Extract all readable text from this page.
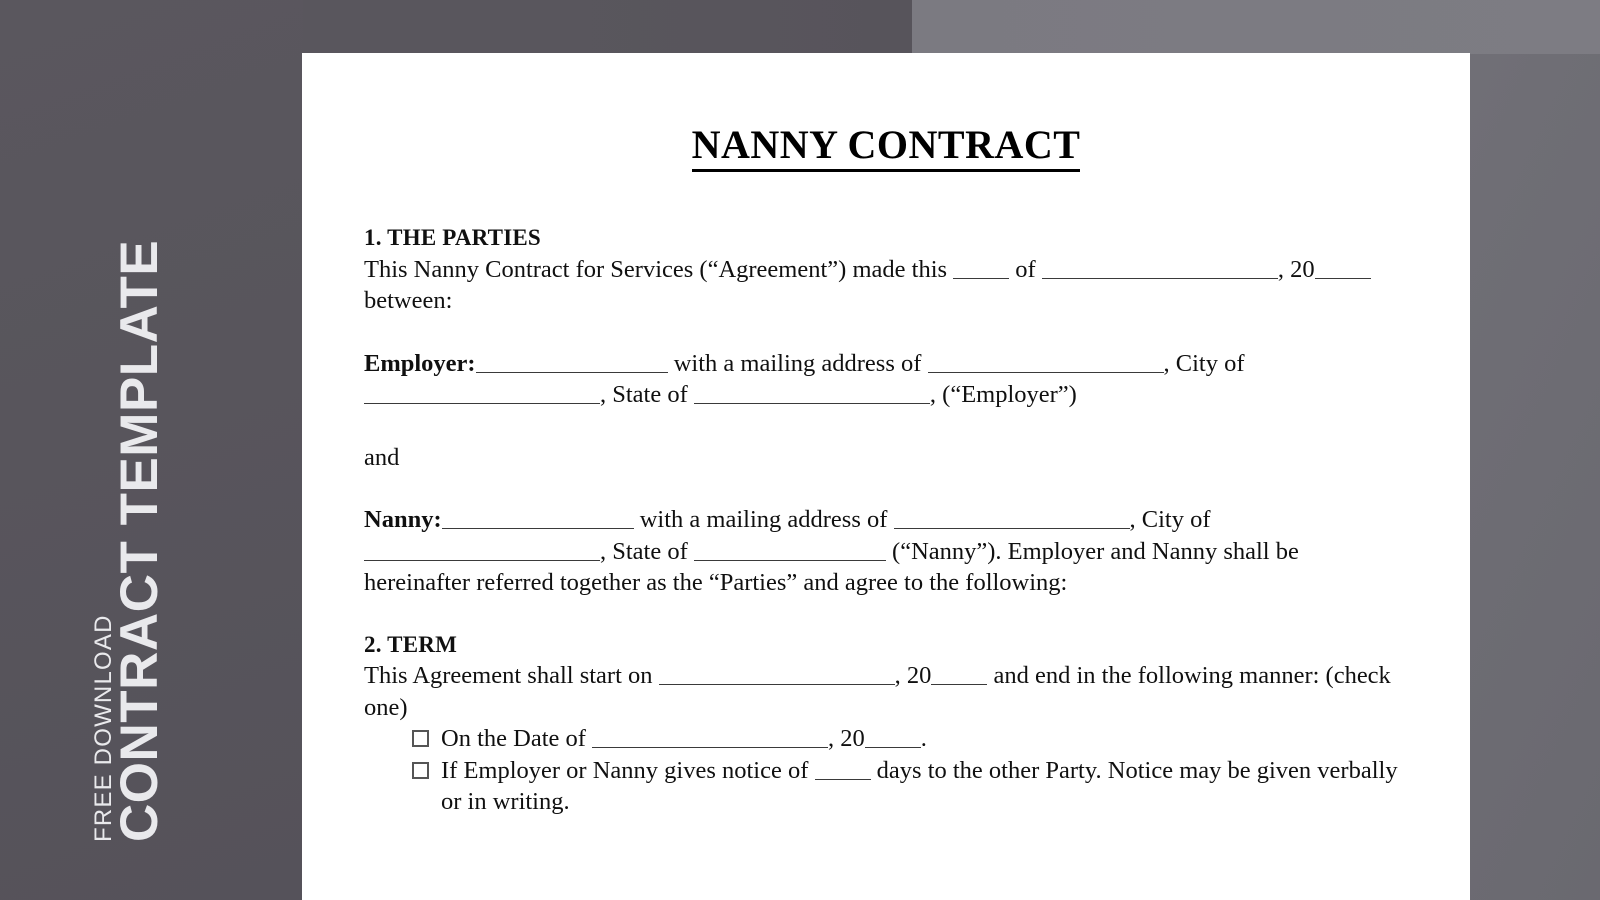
FREE DOWNLOAD
CONTRACT TEMPLATE
NANNY CONTRACT
1. THE PARTIES

This Nanny Contract for Services (“Agreement”) made this  of	, 20
between:

Employer:	with a mailing address of	, City of
, State of	, (“Employer”)

and

Nanny:	with a mailing address of	, City of
, State of	(“Nanny”). Employer and Nanny shall be hereinafter referred together as the “Parties” and agree to the following:

2. TERM

This Agreement shall start on	, 20 and end in the following manner: (check one)

On the Date of	, 20 .
If Employer or Nanny gives notice of  days to the other Party. Notice may be given verbally or in writing.
